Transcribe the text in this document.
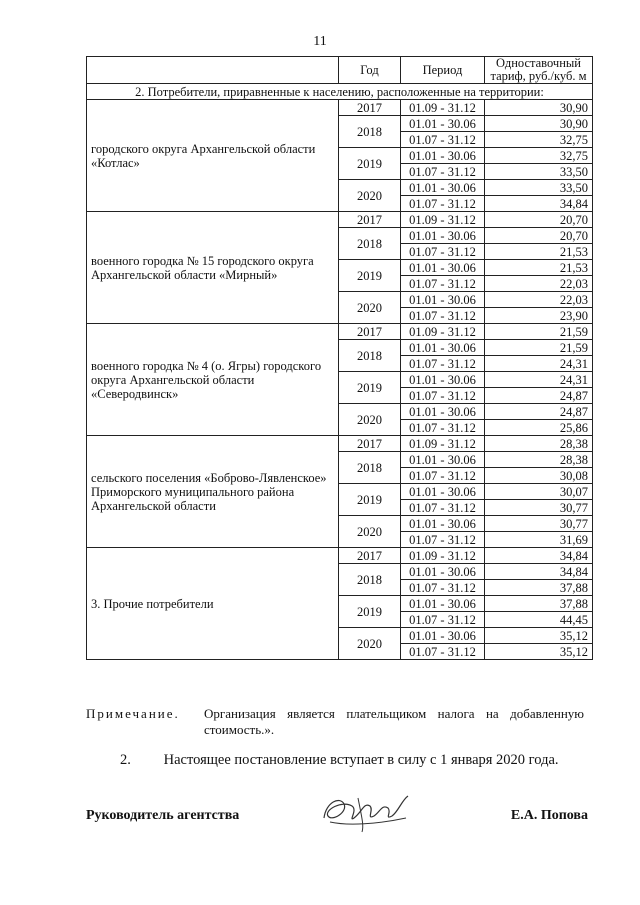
11
	Год	Период	Одноставочный тариф, руб./куб. м
2. Потребители, приравненные к населению, расположенные на территории:			
городского округа Архангельской области «Котлас»	2017	01.09 - 31.12	30,90
	2018	01.01 - 30.06	30,90
		01.07 - 31.12	32,75
	2019	01.01 - 30.06	32,75
		01.07 - 31.12	33,50
	2020	01.01 - 30.06	33,50
		01.07 - 31.12	34,84
военного городка № 15 городского округа Архангельской области «Мирный»	2017	01.09 - 31.12	20,70
	2018	01.01 - 30.06	20,70
		01.07 - 31.12	21,53
	2019	01.01 - 30.06	21,53
		01.07 - 31.12	22,03
	2020	01.01 - 30.06	22,03
		01.07 - 31.12	23,90
военного городка № 4 (о. Ягры) городского округа Архангельской области «Северодвинск»	2017	01.09 - 31.12	21,59
	2018	01.01 - 30.06	21,59
		01.07 - 31.12	24,31
	2019	01.01 - 30.06	24,31
		01.07 - 31.12	24,87
	2020	01.01 - 30.06	24,87
		01.07 - 31.12	25,86
сельского поселения «Боброво-Лявленское» Приморского муниципального района Архангельской области	2017	01.09 - 31.12	28,38
	2018	01.01 - 30.06	28,38
		01.07 - 31.12	30,08
	2019	01.01 - 30.06	30,07
		01.07 - 31.12	30,77
	2020	01.01 - 30.06	30,77
		01.07 - 31.12	31,69
3. Прочие потребители	2017	01.09 - 31.12	34,84
	2018	01.01 - 30.06	34,84
		01.07 - 31.12	37,88
	2019	01.01 - 30.06	37,88
		01.07 - 31.12	44,45
	2020	01.01 - 30.06	35,12
		01.07 - 31.12	35,12
Примечание. Организация является плательщиком налога на добавленную стоимость.».
2. Настоящее постановление вступает в силу с 1 января 2020 года.
Руководитель агентства	Е.А. Попова
